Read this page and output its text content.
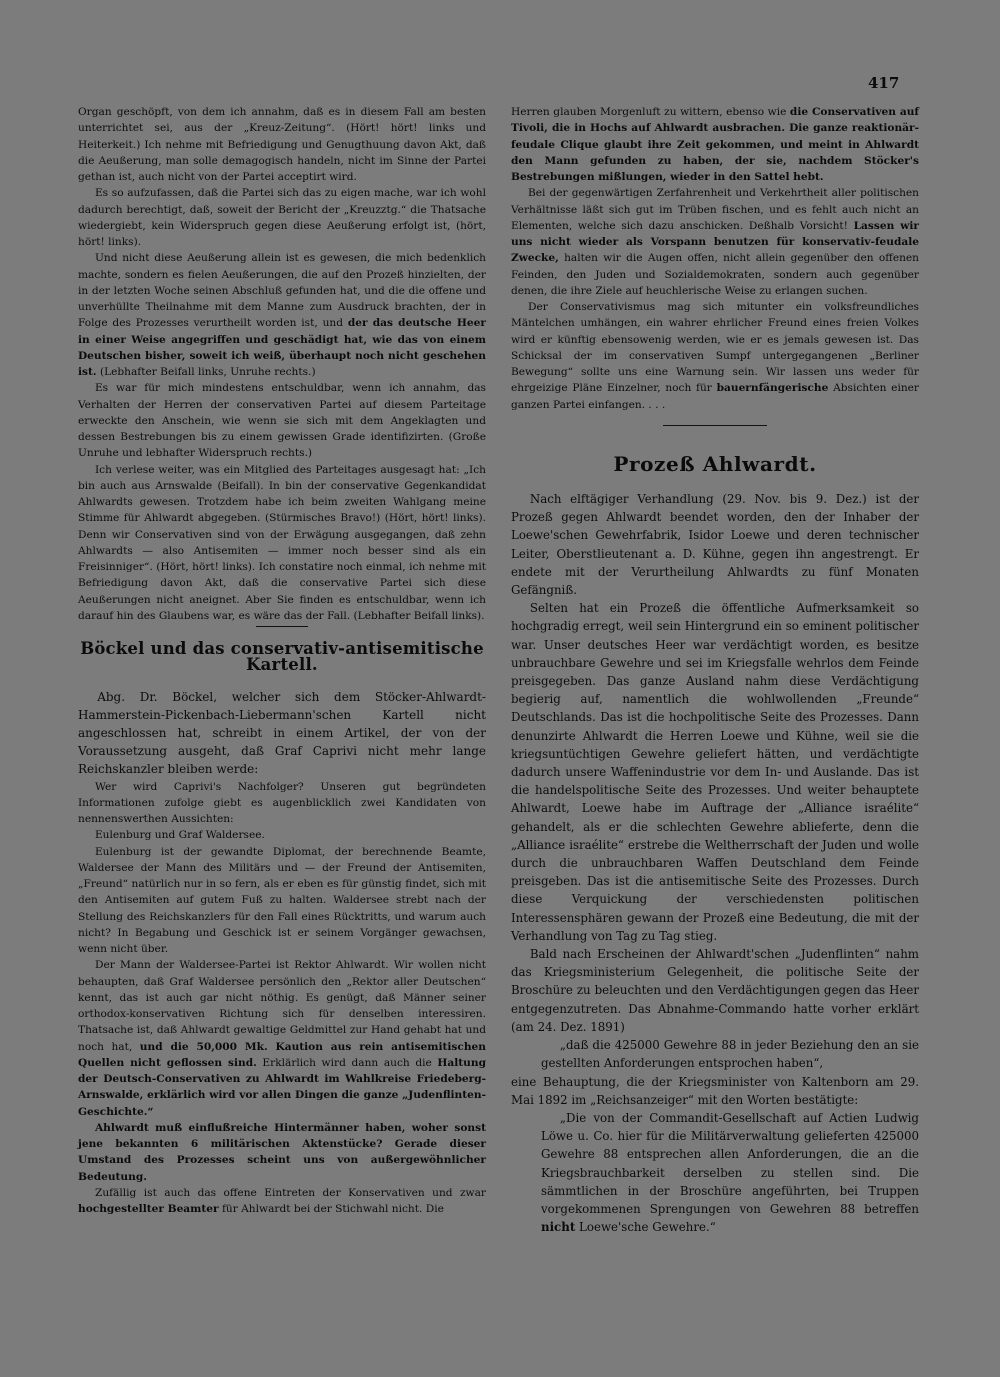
417

Organ geschöpft, von dem ich annahm, daß es in diesem Fall am besten unterrichtet sei, aus der „Kreuz-Zeitung“. (Hört! hört! links und Heiterkeit.) Ich nehme mit Befriedigung und Genugthuung davon Akt, daß die Aeußerung, man solle demagogisch handeln, nicht im Sinne der Partei gethan ist, auch nicht von der Partei acceptirt wird.

Es so aufzufassen, daß die Partei sich das zu eigen mache, war ich wohl dadurch berechtigt, daß, soweit der Bericht der „Kreuzztg.“ die Thatsache wiedergiebt, kein Widerspruch gegen diese Aeußerung erfolgt ist, (hört, hört! links).

Und nicht diese Aeußerung allein ist es gewesen, die mich bedenklich machte, sondern es fielen Aeußerungen, die auf den Prozeß hinzielten, der in der letzten Woche seinen Abschluß gefunden hat, und die die offene und unverhüllte Theilnahme mit dem Manne zum Ausdruck brachten, der in Folge des Prozesses verurtheilt worden ist, und der das deutsche Heer in einer Weise angegriffen und geschädigt hat, wie das von einem Deutschen bisher, soweit ich weiß, überhaupt noch nicht geschehen ist. (Lebhafter Beifall links, Unruhe rechts.)

Es war für mich mindestens entschuldbar, wenn ich annahm, das Verhalten der Herren der conservativen Partei auf diesem Parteitage erweckte den Anschein, wie wenn sie sich mit dem Angeklagten und dessen Bestrebungen bis zu einem gewissen Grade identifizirten. (Große Unruhe und lebhafter Widerspruch rechts.)

Ich verlese weiter, was ein Mitglied des Parteitages ausgesagt hat: „Ich bin auch aus Arnswalde (Beifall). In bin der conservative Gegenkandidat Ahlwardts gewesen. Trotzdem habe ich beim zweiten Wahlgang meine Stimme für Ahlwardt abgegeben. (Stürmisches Bravo!) (Hört, hört! links). Denn wir Conservativen sind von der Erwägung ausgegangen, daß zehn Ahlwardts — also Antisemiten — immer noch besser sind als ein Freisinniger“. (Hört, hört! links). Ich constatire noch einmal, ich nehme mit Befriedigung davon Akt, daß die conservative Partei sich diese Aeußerungen nicht aneignet. Aber Sie finden es entschuldbar, wenn ich darauf hin des Glaubens war, es wäre das der Fall. (Lebhafter Beifall links).

Böckel und das conservativ-antisemitische Kartell.

Abg. Dr. Böckel, welcher sich dem Stöcker-Ahlwardt-Hammerstein-Pickenbach-Liebermann'schen Kartell nicht angeschlossen hat, schreibt in einem Artikel, der von der Voraussetzung ausgeht, daß Graf Caprivi nicht mehr lange Reichskanzler bleiben werde:

Wer wird Caprivi's Nachfolger? Unseren gut begründeten Informationen zufolge giebt es augenblicklich zwei Kandidaten von nennenswerthen Aussichten:

Eulenburg und Graf Waldersee.

Eulenburg ist der gewandte Diplomat, der berechnende Beamte, Waldersee der Mann des Militärs und — der Freund der Antisemiten, „Freund“ natürlich nur in so fern, als er eben es für günstig findet, sich mit den Antisemiten auf gutem Fuß zu halten. Waldersee strebt nach der Stellung des Reichskanzlers für den Fall eines Rücktritts, und warum auch nicht? In Begabung und Geschick ist er seinem Vorgänger gewachsen, wenn nicht über.

Der Mann der Waldersee-Partei ist Rektor Ahlwardt. Wir wollen nicht behaupten, daß Graf Waldersee persönlich den „Rektor aller Deutschen“ kennt, das ist auch gar nicht nöthig. Es genügt, daß Männer seiner orthodox-konservativen Richtung sich für denselben interessiren. Thatsache ist, daß Ahlwardt gewaltige Geldmittel zur Hand gehabt hat und noch hat, und die 50,000 Mk. Kaution aus rein antisemitischen Quellen nicht geflossen sind. Erklärlich wird dann auch die Haltung der Deutsch-Conservativen zu Ahlwardt im Wahlkreise Friedeberg-Arnswalde, erklärlich wird vor allen Dingen die ganze „Judenflinten-Geschichte.“

Ahlwardt muß einflußreiche Hintermänner haben, woher sonst jene bekannten 6 militärischen Aktenstücke? Gerade dieser Umstand des Prozesses scheint uns von außergewöhnlicher Bedeutung.

Zufällig ist auch das offene Eintreten der Konservativen und zwar hochgestellter Beamter für Ahlwardt bei der Stichwahl nicht. Die

Herren glauben Morgenluft zu wittern, ebenso wie die Conservativen auf Tivoli, die in Hochs auf Ahlwardt ausbrachen. Die ganze reaktionär-feudale Clique glaubt ihre Zeit gekommen, und meint in Ahlwardt den Mann gefunden zu haben, der sie, nachdem Stöcker's Bestrebungen mißlungen, wieder in den Sattel hebt.

Bei der gegenwärtigen Zerfahrenheit und Verkehrtheit aller politischen Verhältnisse läßt sich gut im Trüben fischen, und es fehlt auch nicht an Elementen, welche sich dazu anschicken. Deßhalb Vorsicht! Lassen wir uns nicht wieder als Vorspann benutzen für konservativ-feudale Zwecke, halten wir die Augen offen, nicht allein gegenüber den offenen Feinden, den Juden und Sozialdemokraten, sondern auch gegenüber denen, die ihre Ziele auf heuchlerische Weise zu erlangen suchen.

Der Conservativismus mag sich mitunter ein volksfreundliches Mäntelchen umhängen, ein wahrer ehrlicher Freund eines freien Volkes wird er künftig ebensowenig werden, wie er es jemals gewesen ist. Das Schicksal der im conservativen Sumpf untergegangenen „Berliner Bewegung“ sollte uns eine Warnung sein. Wir lassen uns weder für ehrgeizige Pläne Einzelner, noch für bauernfängerische Absichten einer ganzen Partei einfangen. . . .

Prozeß Ahlwardt.

Nach elftägiger Verhandlung (29. Nov. bis 9. Dez.) ist der Prozeß gegen Ahlwardt beendet worden, den der Inhaber der Loewe'schen Gewehrfabrik, Isidor Loewe und deren technischer Leiter, Oberstlieutenant a. D. Kühne, gegen ihn angestrengt. Er endete mit der Verurtheilung Ahlwardts zu fünf Monaten Gefängniß.

Selten hat ein Prozeß die öffentliche Aufmerksamkeit so hochgradig erregt, weil sein Hintergrund ein so eminent politischer war. Unser deutsches Heer war verdächtigt worden, es besitze unbrauchbare Gewehre und sei im Kriegsfalle wehrlos dem Feinde preisgegeben. Das ganze Ausland nahm diese Verdächtigung begierig auf, namentlich die wohlwollenden „Freunde“ Deutschlands. Das ist die hochpolitische Seite des Prozesses. Dann denunzirte Ahlwardt die Herren Loewe und Kühne, weil sie die kriegsuntüchtigen Gewehre geliefert hätten, und verdächtigte dadurch unsere Waffenindustrie vor dem In- und Auslande. Das ist die handelspolitische Seite des Prozesses. Und weiter behauptete Ahlwardt, Loewe habe im Auftrage der „Alliance israélite“ gehandelt, als er die schlechten Gewehre ablieferte, denn die „Alliance israélite“ erstrebe die Weltherrschaft der Juden und wolle durch die unbrauchbaren Waffen Deutschland dem Feinde preisgeben. Das ist die antisemitische Seite des Prozesses. Durch diese Verquickung der verschiedensten politischen Interessensphären gewann der Prozeß eine Bedeutung, die mit der Verhandlung von Tag zu Tag stieg.

Bald nach Erscheinen der Ahlwardt'schen „Judenflinten“ nahm das Kriegsministerium Gelegenheit, die politische Seite der Broschüre zu beleuchten und den Verdächtigungen gegen das Heer entgegenzutreten. Das Abnahme-Commando hatte vorher erklärt (am 24. Dez. 1891)

„daß die 425000 Gewehre 88 in jeder Beziehung den an sie gestellten Anforderungen entsprochen haben“,

eine Behauptung, die der Kriegsminister von Kaltenborn am 29. Mai 1892 im „Reichsanzeiger“ mit den Worten bestätigte:

„Die von der Commandit-Gesellschaft auf Actien Ludwig Löwe u. Co. hier für die Militärverwaltung gelieferten 425000 Gewehre 88 entsprechen allen Anforderungen, die an die Kriegsbrauchbarkeit derselben zu stellen sind. Die sämmtlichen in der Broschüre angeführten, bei Truppen vorgekommenen Sprengungen von Gewehren 88 betreffen nicht Loewe'sche Gewehre.“
